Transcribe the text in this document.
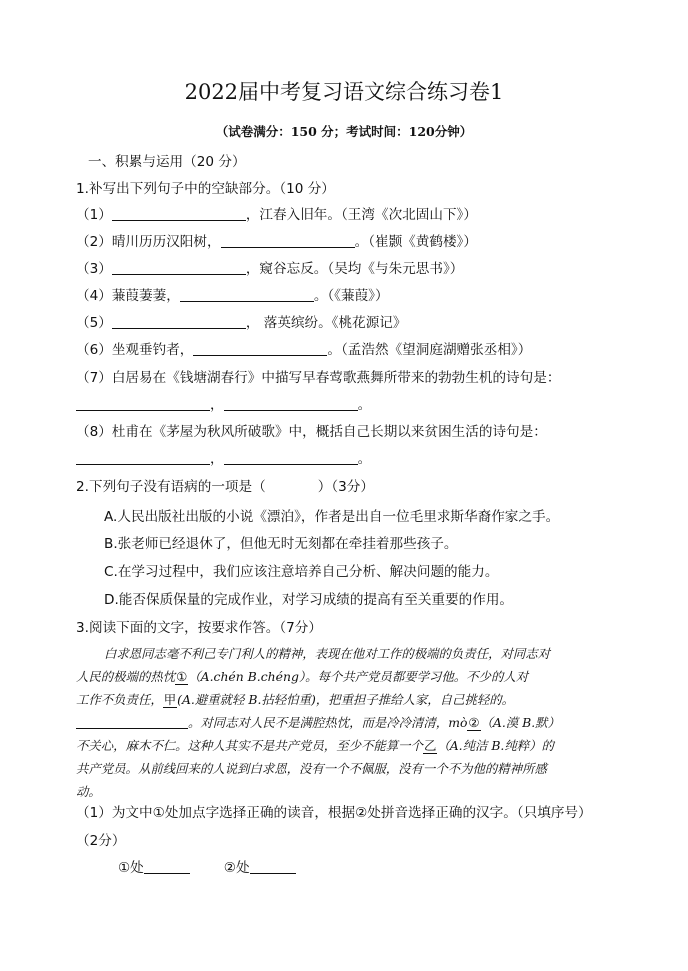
2022届中考复习语文综合练习卷1
（试卷满分：150 分；考试时间：120分钟）
一、积累与运用（20 分）
1.补写出下列句子中的空缺部分。（10 分）
（1）	，江春入旧年。（王湾《次北固山下》）
（2）晴川历历汉阳树，	。（崔颢《黄鹤楼》）
（3）	，窥谷忘反。（吴均《与朱元思书》）
（4）蒹葭萋萋，	。（《蒹葭》）
（5）	， 落英缤纷。《桃花源记》
（6）坐观垂钓者，	。（孟浩然《望洞庭湖赠张丞相》）
（7）白居易在《钱塘湖春行》中描写早春莺歌燕舞所带来的勃勃生机的诗句是：
，	。
（8）杜甫在《茅屋为秋风所破歌》中，概括自己长期以来贫困生活的诗句是：
，	。
2.下列句子没有语病的一项是（	）（3分）
A.人民出版社出版的小说《漂泊》，作者是出自一位毛里求斯华裔作家之手。
B.张老师已经退休了，但他无时无刻都在牵挂着那些孩子。
C.在学习过程中，我们应该注意培养自己分析、解决问题的能力。
D.能否保质保量的完成作业，对学习成绩的提高有至关重要的作用。
3.阅读下面的文字，按要求作答。（7分）
白求恩同志毫不利己专门利人的精神，表现在他对工作的极端的负责任，对同志对
人民的极端的热忱①（A.chén B.chéng）。每个共产党员都要学习他。不少的人对
工作不负责任，甲(A.避重就轻 B.拈轻怕重)，把重担子推给人家，自己挑轻的。
。对同志对人民不是满腔热忱，而是冷冷清清，mò②（A.漠 B.默）
不关心，麻木不仁。这种人其实不是共产党员，至少不能算一个乙（A.纯洁 B.纯粹）的
共产党员。从前线回来的人说到白求恩，没有一个不佩服，没有一个不为他的精神所感
动。
（1）为文中①处加点字选择正确的读音，根据②处拼音选择正确的汉字。（只填序号）
（2分）
①处	②处
